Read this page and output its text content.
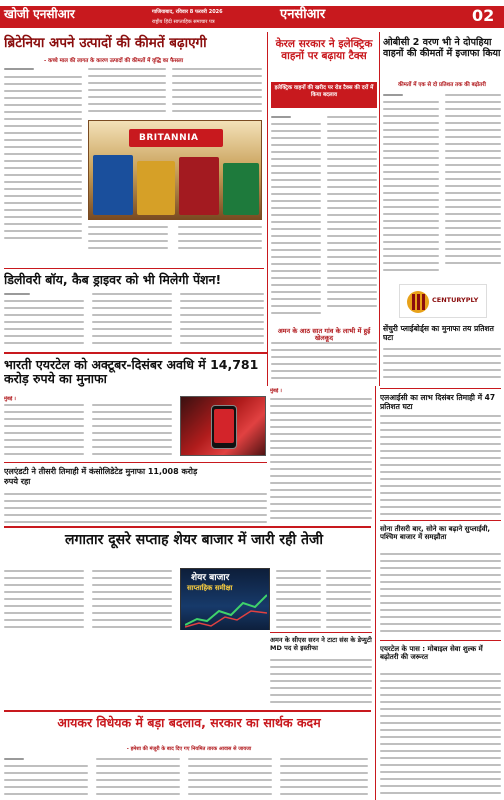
खोजी एनसीआर	गाजियाबाद, रविवार 8 फरवरी 2026
राष्ट्रीय हिंदी साप्ताहिक समाचार पत्र	एनसीआर	02
ब्रिटेनिया अपने उत्पादों की कीमतें बढ़ाएगी
- कच्चे माल की लागत के कारण उत्पादों की कीमतों में वृद्धि का फैसला
BRITANNIA
डिलीवरी बॉय, कैब ड्राइवर को भी मिलेगी पेंशन!
केरल सरकार ने इलेक्ट्रिक वाहनों पर बढ़ाया टैक्स
इलेक्ट्रिक वाहनों की खरीद पर रोड टैक्स की दरों में किया बदलाव
अमन के आठ सात गांव के लाभी में हुई खेलकूद
ओबीसी 2 वरण भी ने दोपहिया वाहनों की कीमतों में इजाफा किया
कीमतों में एक से दो प्रतिशत तक की बढ़ोतरी
CENTURYPLY
सेंचुरी प्लाईबोर्ड्स का मुनाफा तय प्रतिशत घटा
भारती एयरटेल को अक्टूबर-दिसंबर अवधि में 14,781 करोड़ रुपये का मुनाफा
मुंबई ।
एलएंडटी ने तीसरी तिमाही में कंसोलिडेटेड मुनाफा 11,008 करोड़ रुपये रहा
लगातार दूसरे सप्ताह शेयर बाजार में जारी रही तेजी
शेयर बाजार
साप्ताहिक समीक्षा
अमन के सीएस सरन ने टाटा संस के डेप्युटी MD पद से इस्तीफा
आयकर विधेयक में बड़ा बदलाव, सरकार का सार्थक कदम
- हमेशा की मंजूरी के बाद दिए गए नियमित तारक आवास से जायजा
एलआईसी का लाभ दिसंबर तिमाही में 47 प्रतिशत घटा
सोना तीसरी बार, सोने का बढ़ाने सुप्लाईवी, पश्चिम बाजार में समझौता
एयरटेल के पास : मोबाइल सेवा शुल्क में बढ़ोतरी की जरूरत
मुंबई ।
